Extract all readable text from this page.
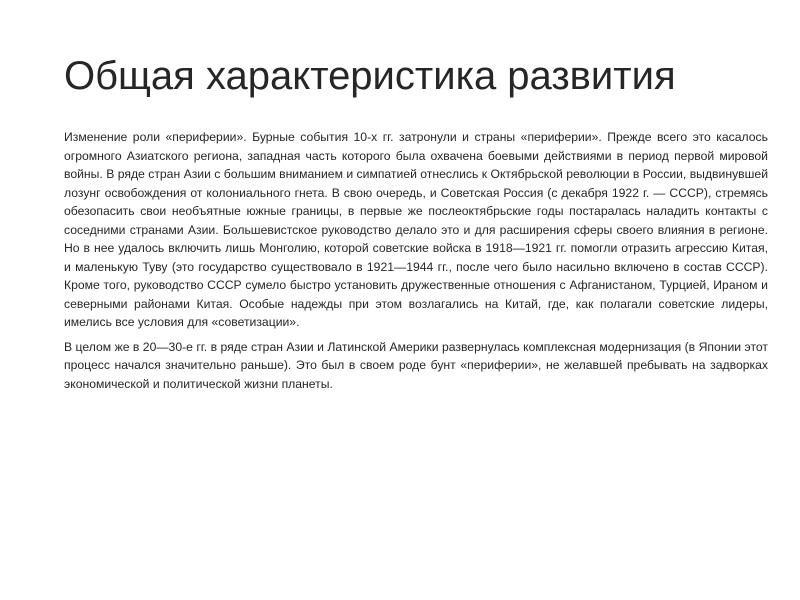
Общая характеристика развития

Изменение роли «периферии». Бурные события 10-х гг. затронули и страны «периферии». Прежде всего это касалось огромного Азиатского региона, западная часть которого была охвачена боевыми действиями в период первой мировой войны. В ряде стран Азии с большим вниманием и симпатией отнеслись к Октябрьской революции в России, выдвинувшей лозунг освобождения от колониального гнета. В свою очередь, и Советская Россия (с декабря 1922 г. — СССР), стремясь обезопасить свои необъятные южные границы, в первые же послеоктябрьские годы постаралась наладить контакты с соседними странами Азии. Большевистское руководство делало это и для расширения сферы своего влияния в регионе. Но в нее удалось включить лишь Монголию, которой советские войска в 1918—1921 гг. помогли отразить агрессию Китая, и маленькую Туву (это государство существовало в 1921—1944 гг., после чего было насильно включено в состав СССР). Кроме того, руководство СССР сумело быстро установить дружественные отношения с Афганистаном, Турцией, Ираном и северными районами Китая. Особые надежды при этом возлагались на Китай, где, как полагали советские лидеры, имелись все условия для «советизации».

В целом же в 20—30-е гг. в ряде стран Азии и Латинской Америки развернулась комплексная модернизация (в Японии этот процесс начался значительно раньше). Это был в своем роде бунт «периферии», не желавшей пребывать на задворках экономической и политической жизни планеты.
